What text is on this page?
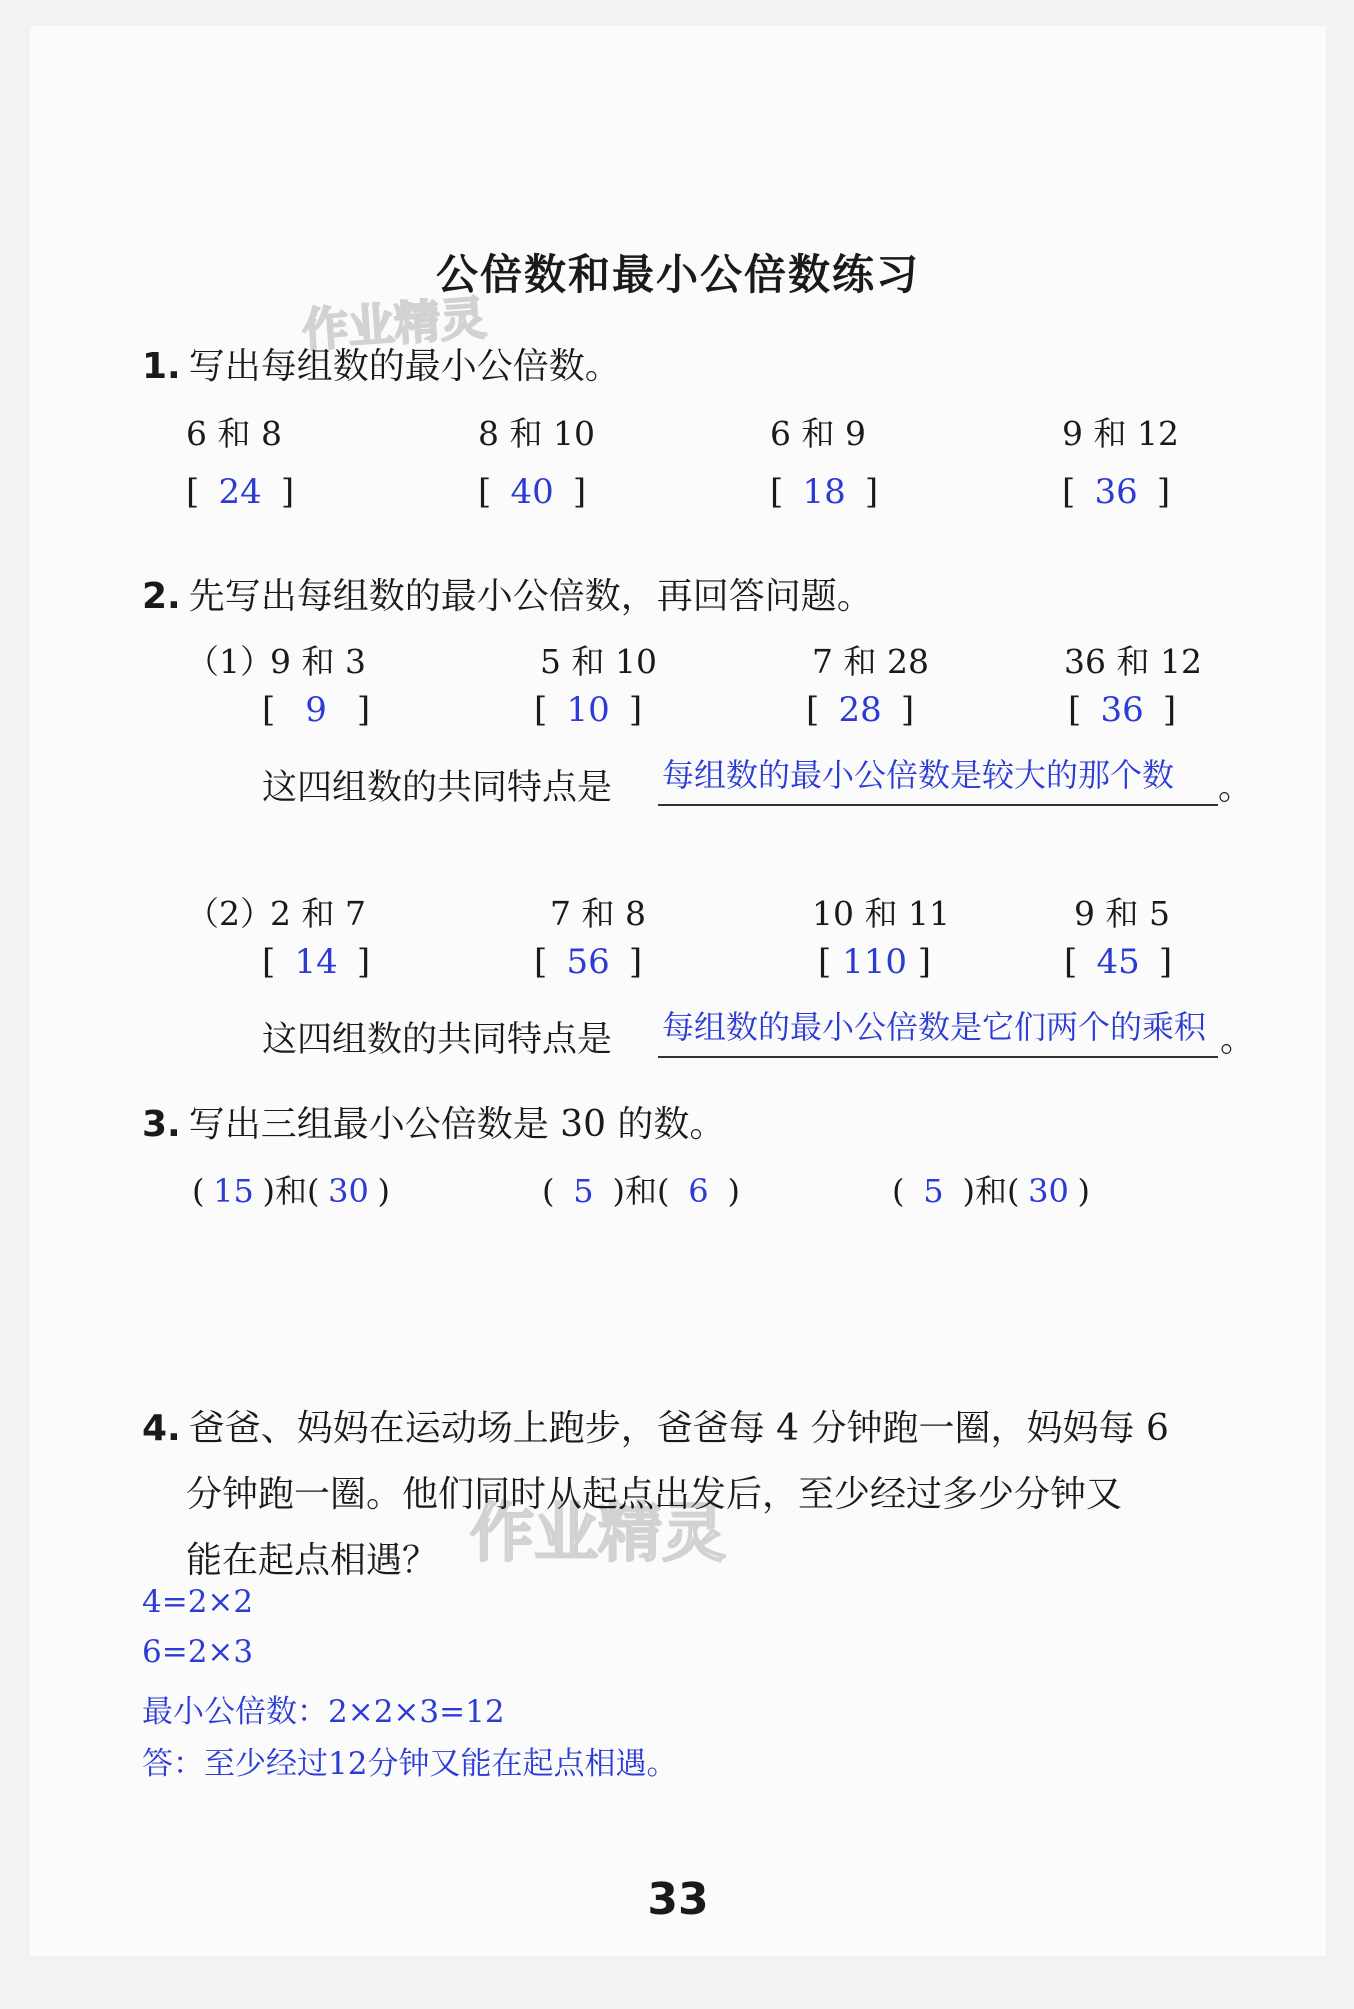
公倍数和最小公倍数练习
作业精灵
作业精灵
1. 写出每组数的最小公倍数。
6 和 8	8 和 10	6 和 9	9 和 12
[ 24 ]	[ 40 ]	[ 18 ]	[ 36 ]
2. 先写出每组数的最小公倍数，再回答问题。
（1）
9 和 3	5 和 10	7 和 28	36 和 12
[ 9 ]	[ 10 ]	[ 28 ]	[ 36 ]
这四组数的共同特点是 每组数的最小公倍数是较大的那个数 。
（2）
2 和 7	7 和 8	10 和 11	9 和 5
[ 14 ]	[ 56 ]	[ 110 ]	[ 45 ]
这四组数的共同特点是 每组数的最小公倍数是它们两个的乘积 。
3. 写出三组最小公倍数是 30 的数。
( 15 )和( 30 )	( 5 )和( 6 )	( 5 )和( 30 )
4. 爸爸、妈妈在运动场上跑步，爸爸每 4 分钟跑一圈，妈妈每 6
分钟跑一圈。他们同时从起点出发后，至少经过多少分钟又
能在起点相遇？
4=2×2
6=2×3
最小公倍数：2×2×3=12
答：至少经过12分钟又能在起点相遇。
33
